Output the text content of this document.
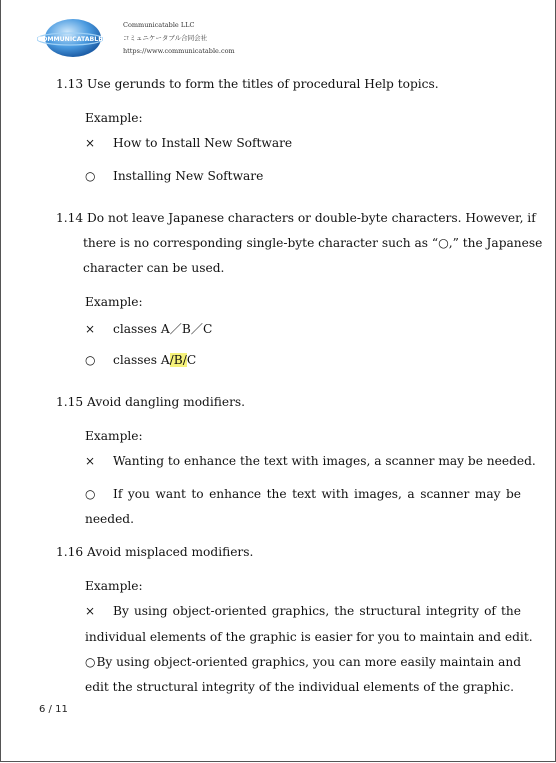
COMMUNICATABLE
Communicatable LLC
コミュニケータブル合同会社
https://www.communicatable.com
1.13 Use gerunds to form the titles of procedural Help topics.
Example:
× How to Install New Software
○ Installing New Software
1.14 Do not leave Japanese characters or double-byte characters. However, if
there is no corresponding single-byte character such as “○,” the Japanese
character can be used.
Example:
× classes A／B／C
○ classes A/B/C
1.15 Avoid dangling modifiers.
Example:
× Wanting to enhance the text with images, a scanner may be needed.
○	If you want to enhance the text with images, a scanner may be
needed.
1.16 Avoid misplaced modifiers.
Example:
×	By using object-oriented graphics, the structural integrity of the
individual elements of the graphic is easier for you to maintain and edit.
○ By using object-oriented graphics, you can more easily maintain and
edit the structural integrity of the individual elements of the graphic.
6 / 11
